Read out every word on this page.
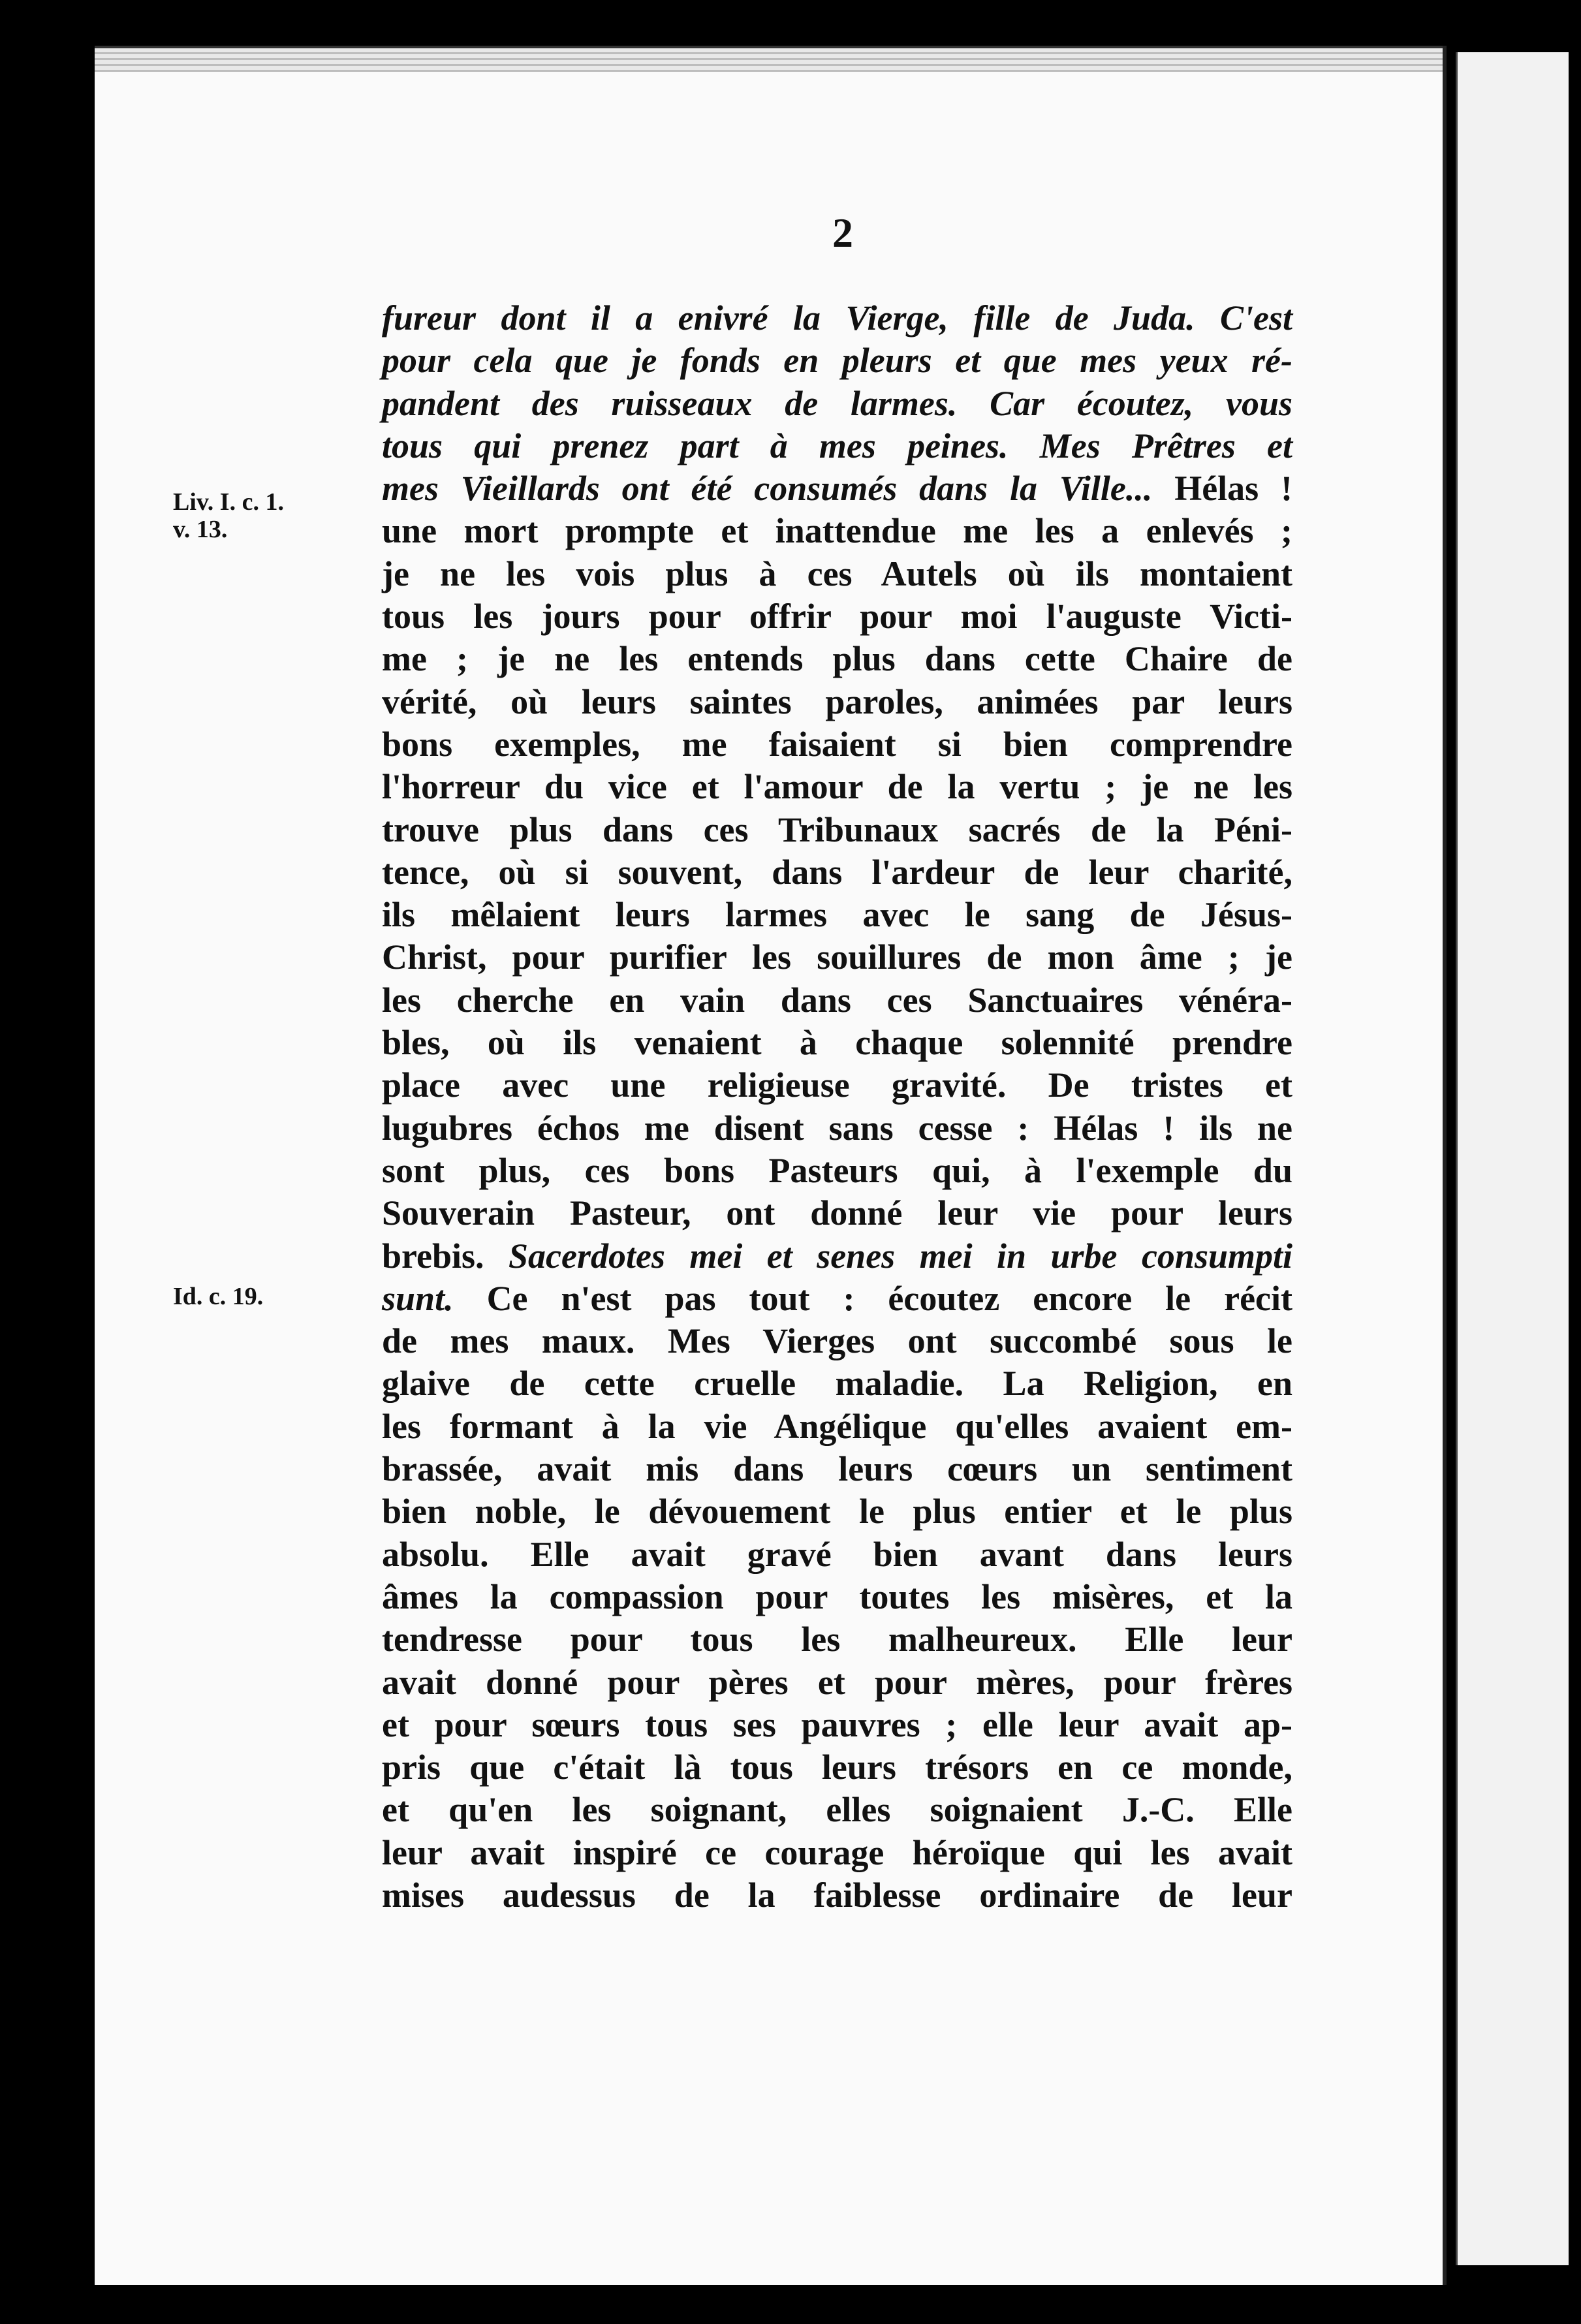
2
Liv. I. c. 1.
v. 13.
Id. c. 19.
fureur dont il a enivré la Vierge, fille de Juda. C'est
pour cela que je fonds en pleurs et que mes yeux ré-
pandent des ruisseaux de larmes. Car écoutez, vous
tous qui prenez part à mes peines. Mes Prêtres et
mes Vieillards ont été consumés dans la Ville... Hélas !
une mort prompte et inattendue me les a enlevés ;
je ne les vois plus à ces Autels où ils montaient
tous les jours pour offrir pour moi l'auguste Victi-
me ; je ne les entends plus dans cette Chaire de
vérité, où leurs saintes paroles, animées par leurs
bons exemples, me faisaient si bien comprendre
l'horreur du vice et l'amour de la vertu ; je ne les
trouve plus dans ces Tribunaux sacrés de la Péni-
tence, où si souvent, dans l'ardeur de leur charité,
ils mêlaient leurs larmes avec le sang de Jésus-
Christ, pour purifier les souillures de mon âme ; je
les cherche en vain dans ces Sanctuaires vénéra-
bles, où ils venaient à chaque solennité prendre
place avec une religieuse gravité. De tristes et
lugubres échos me disent sans cesse : Hélas ! ils ne
sont plus, ces bons Pasteurs qui, à l'exemple du
Souverain Pasteur, ont donné leur vie pour leurs
brebis. Sacerdotes mei et senes mei in urbe consumpti
sunt. Ce n'est pas tout : écoutez encore le récit
de mes maux. Mes Vierges ont succombé sous le
glaive de cette cruelle maladie. La Religion, en
les formant à la vie Angélique qu'elles avaient em-
brassée, avait mis dans leurs cœurs un sentiment
bien noble, le dévouement le plus entier et le plus
absolu. Elle avait gravé bien avant dans leurs
âmes la compassion pour toutes les misères, et la
tendresse pour tous les malheureux. Elle leur
avait donné pour pères et pour mères, pour frères
et pour sœurs tous ses pauvres ; elle leur avait ap-
pris que c'était là tous leurs trésors en ce monde,
et qu'en les soignant, elles soignaient J.-C. Elle
leur avait inspiré ce courage héroïque qui les avait
mises audessus de la faiblesse ordinaire de leur
